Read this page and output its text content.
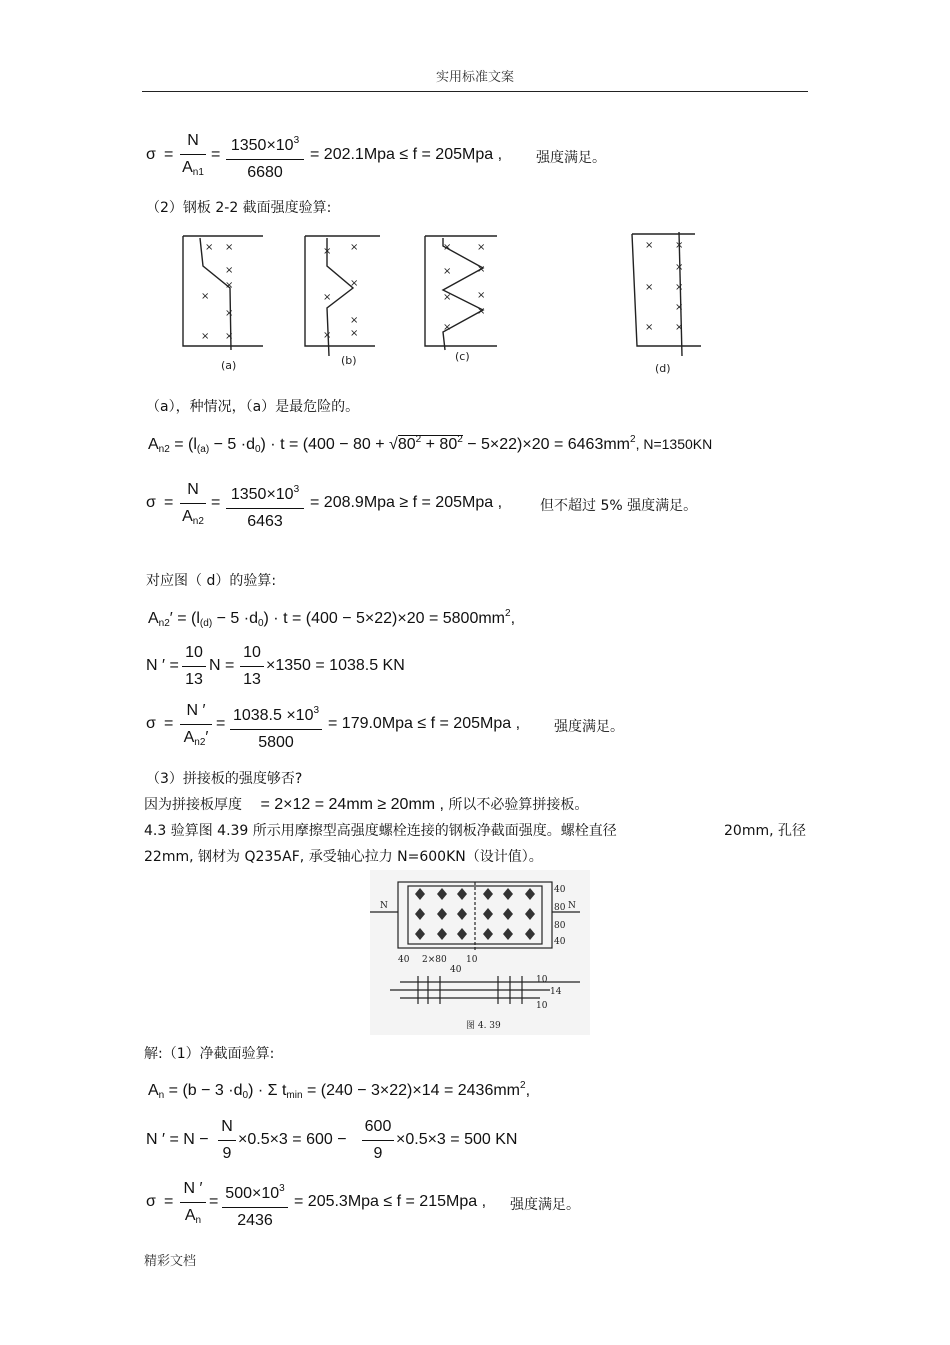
实用标准文案
σ =
N
$A_{n1}$
=
$1350\times 10^3$
6680
= 202.1Mpa ≤ f = 205Mpa , 强度满足。
（2）钢板 2-2 截面强度验算:
× ×
×
×
×
×
× ×
×
×
×
×
×
×
×
×
×
×
×
×
×
×
×
× ×
×
× ×
×
× ×
(a)	(b)	(c)
(d)
（a），种情况，（a）是最危险的。
$A_{n2} = (l_{(a)} - 5 \cdot d_0) \cdot t = (400 - 80 + √80^2 + 80^2 - 5\times 22)\times 20 = 6463mm^2$, N=1350KN
σ =
N
$A_{n2}$
= $1350\times 10^3$
6463
= 208.9Mpa ≥ f = 205Mpa ,	但不超过 5% 强度满足。
对应图（ d）的验算:
$A_{n2}' = (l_{(d)} - 5 \cdot d_0) \cdot t = (400 - 5\times 22)\times 20 = 5800mm^2$,
N ′ =
10
13
N =
10
13
×1350 = 1038.5 KN
σ =
N ′
$A_{n2}'$
= $1038.5 \times 10^3$
5800
= 179.0Mpa ≤ f = 205Mpa , 强度满足。
（3）拼接板的强度够否?
因为拼接板厚度 = 2×12 = 24mm ≥ 20mm , 所以不必验算拼接板。
4.3 验算图 4.39 所示用摩擦型高强度螺栓连接的钢板净截面强度。螺栓直径	20mm, 孔径
22mm, 钢材为 Q235AF, 承受轴心拉力 N=600KN（设计值）。
N	N
40
80
80
40
40 2×80 10
40
10
14
10
图 4. 39
解:（1）净截面验算:
$A_n = (b - 3 \cdot d_0) \cdot \Sigma$ $t_{min} = (240 - 3\times 22)\times 14 = 2436mm^2$,
N ′ = N −
N
9
×0.5×3 = 600 −
600
9
×0.5×3 = 500 KN
σ =
N ′
$A_n$
= $500\times 10^3$
2436
= 205.3Mpa ≤ f = 215Mpa , 强度满足。
精彩文档
